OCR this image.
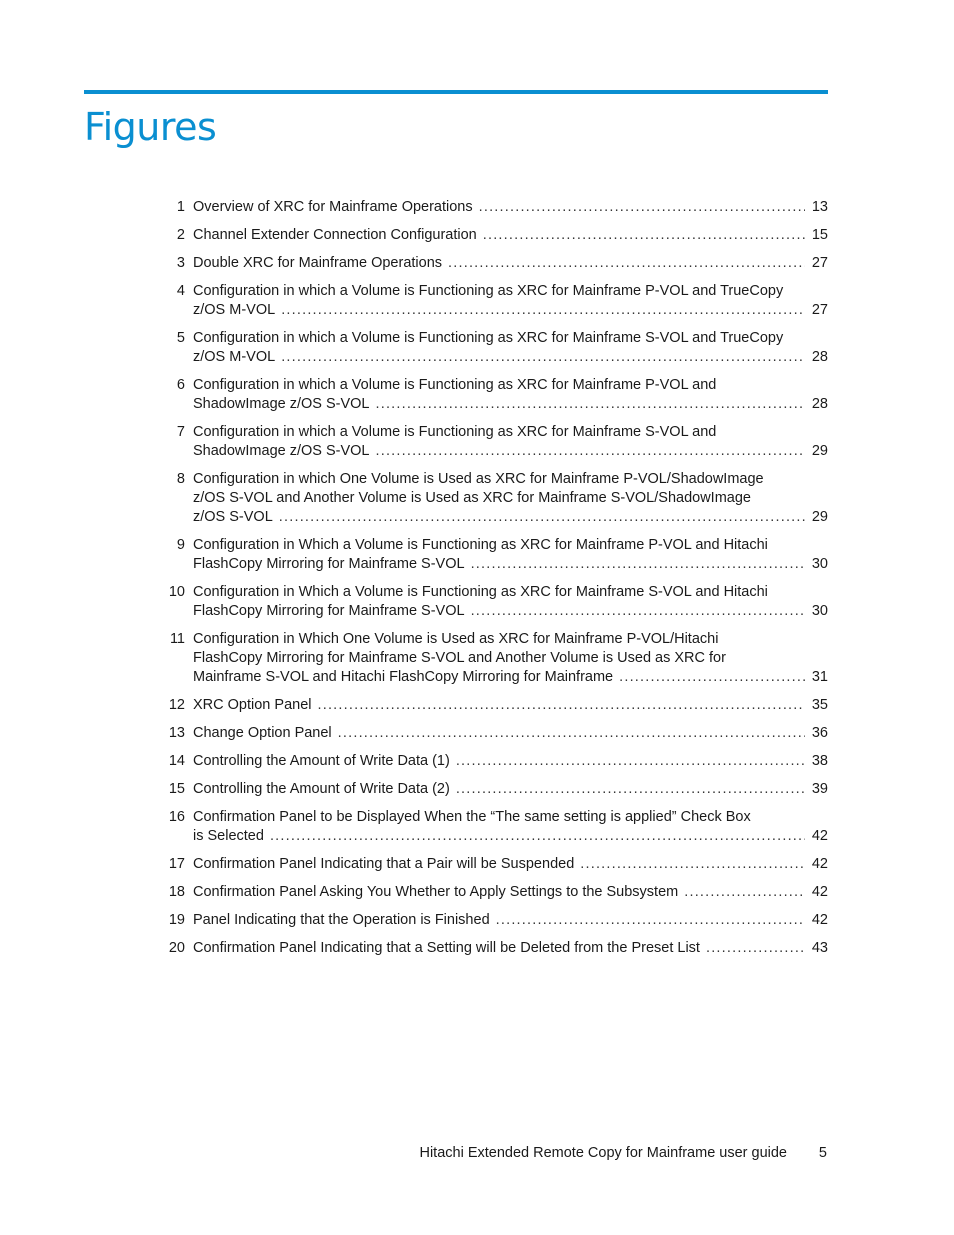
Figures
1 Overview of XRC for Mainframe Operations .....	13
2 Channel Extender Connection Configuration .....	15
3 Double XRC for Mainframe Operations .....	27
4 Configuration in which a Volume is Functioning as XRC for Mainframe P-VOL and TrueCopy
z/OS M-VOL .....	27
5 Configuration in which a Volume is Functioning as XRC for Mainframe S-VOL and TrueCopy
z/OS M-VOL .....	28
6 Configuration in which a Volume is Functioning as XRC for Mainframe P-VOL and
ShadowImage z/OS S-VOL .....	28
7 Configuration in which a Volume is Functioning as XRC for Mainframe S-VOL and
ShadowImage z/OS S-VOL .....	29
8 Configuration in which One Volume is Used as XRC for Mainframe P-VOL/ShadowImage
z/OS S-VOL and Another Volume is Used as XRC for Mainframe S-VOL/ShadowImage
z/OS S-VOL .....	29
9 Configuration in Which a Volume is Functioning as XRC for Mainframe P-VOL and Hitachi
FlashCopy Mirroring for Mainframe S-VOL .....	30
10 Configuration in Which a Volume is Functioning as XRC for Mainframe S-VOL and Hitachi
FlashCopy Mirroring for Mainframe S-VOL .....	30
11 Configuration in Which One Volume is Used as XRC for Mainframe P-VOL/Hitachi
FlashCopy Mirroring for Mainframe S-VOL and Another Volume is Used as XRC for
Mainframe S-VOL and Hitachi FlashCopy Mirroring for Mainframe .....	31
12 XRC Option Panel .....	35
13 Change Option Panel .....	36
14 Controlling the Amount of Write Data (1) .....	38
15 Controlling the Amount of Write Data (2) .....	39
16 Confirmation Panel to be Displayed When the “The same setting is applied” Check Box
is Selected .....	42
17 Confirmation Panel Indicating that a Pair will be Suspended .....	42
18 Confirmation Panel Asking You Whether to Apply Settings to the Subsystem .....	42
19 Panel Indicating that the Operation is Finished .....	42
20 Confirmation Panel Indicating that a Setting will be Deleted from the Preset List .....	43
Hitachi Extended Remote Copy for Mainframe user guide 5
